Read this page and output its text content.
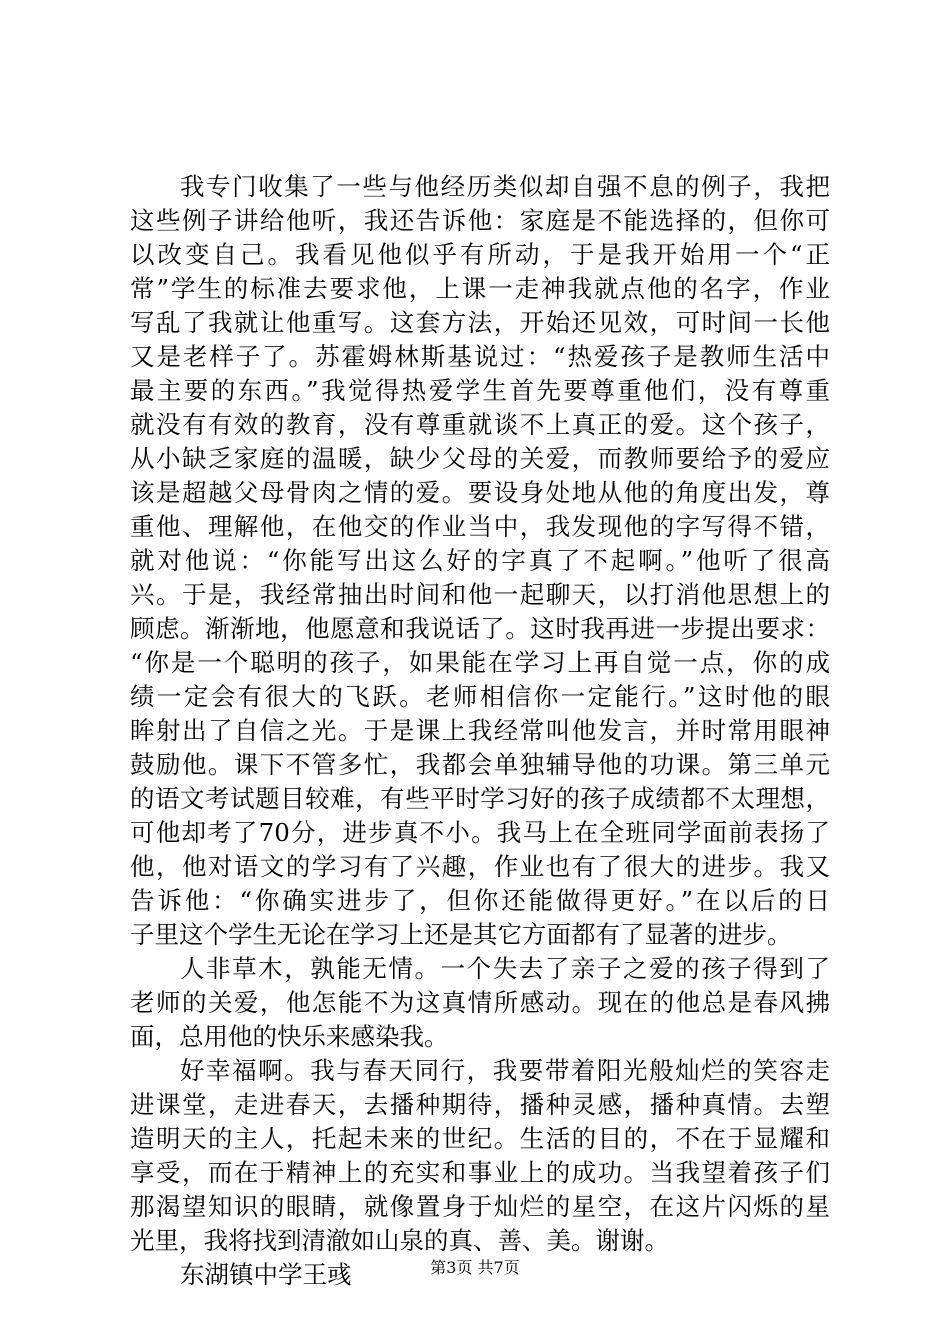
我专门收集了一些与他经历类似却自强不息的例子，我把
这些例子讲给他听，我还告诉他：家庭是不能选择的，但你可
以改变自己。我看见他似乎有所动，于是我开始用一个“正
常”学生的标准去要求他，上课一走神我就点他的名字，作业
写乱了我就让他重写。这套方法，开始还见效，可时间一长他
又是老样子了。苏霍姆林斯基说过：“热爱孩子是教师生活中
最主要的东西。”我觉得热爱学生首先要尊重他们，没有尊重
就没有有效的教育，没有尊重就谈不上真正的爱。这个孩子，
从小缺乏家庭的温暖，缺少父母的关爱，而教师要给予的爱应
该是超越父母骨肉之情的爱。要设身处地从他的角度出发，尊
重他、理解他，在他交的作业当中，我发现他的字写得不错，
就对他说：“你能写出这么好的字真了不起啊。”他听了很高
兴。于是，我经常抽出时间和他一起聊天，以打消他思想上的
顾虑。渐渐地，他愿意和我说话了。这时我再进一步提出要求：
“你是一个聪明的孩子，如果能在学习上再自觉一点，你的成
绩一定会有很大的飞跃。老师相信你一定能行。”这时他的眼
眸射出了自信之光。于是课上我经常叫他发言，并时常用眼神
鼓励他。课下不管多忙，我都会单独辅导他的功课。第三单元
的语文考试题目较难，有些平时学习好的孩子成绩都不太理想，
可他却考了70分，进步真不小。我马上在全班同学面前表扬了
他，他对语文的学习有了兴趣，作业也有了很大的进步。我又
告诉他：“你确实进步了，但你还能做得更好。”在以后的日
子里这个学生无论在学习上还是其它方面都有了显著的进步。
人非草木，孰能无情。一个失去了亲子之爱的孩子得到了
老师的关爱，他怎能不为这真情所感动。现在的他总是春风拂
面，总用他的快乐来感染我。
好幸福啊。我与春天同行，我要带着阳光般灿烂的笑容走
进课堂，走进春天，去播种期待，播种灵感，播种真情。去塑
造明天的主人，托起未来的世纪。生活的目的，不在于显耀和
享受，而在于精神上的充实和事业上的成功。当我望着孩子们
那渴望知识的眼睛，就像置身于灿烂的星空，在这片闪烁的星
光里，我将找到清澈如山泉的真、善、美。谢谢。
东湖镇中学王彧	第3页 共7页
